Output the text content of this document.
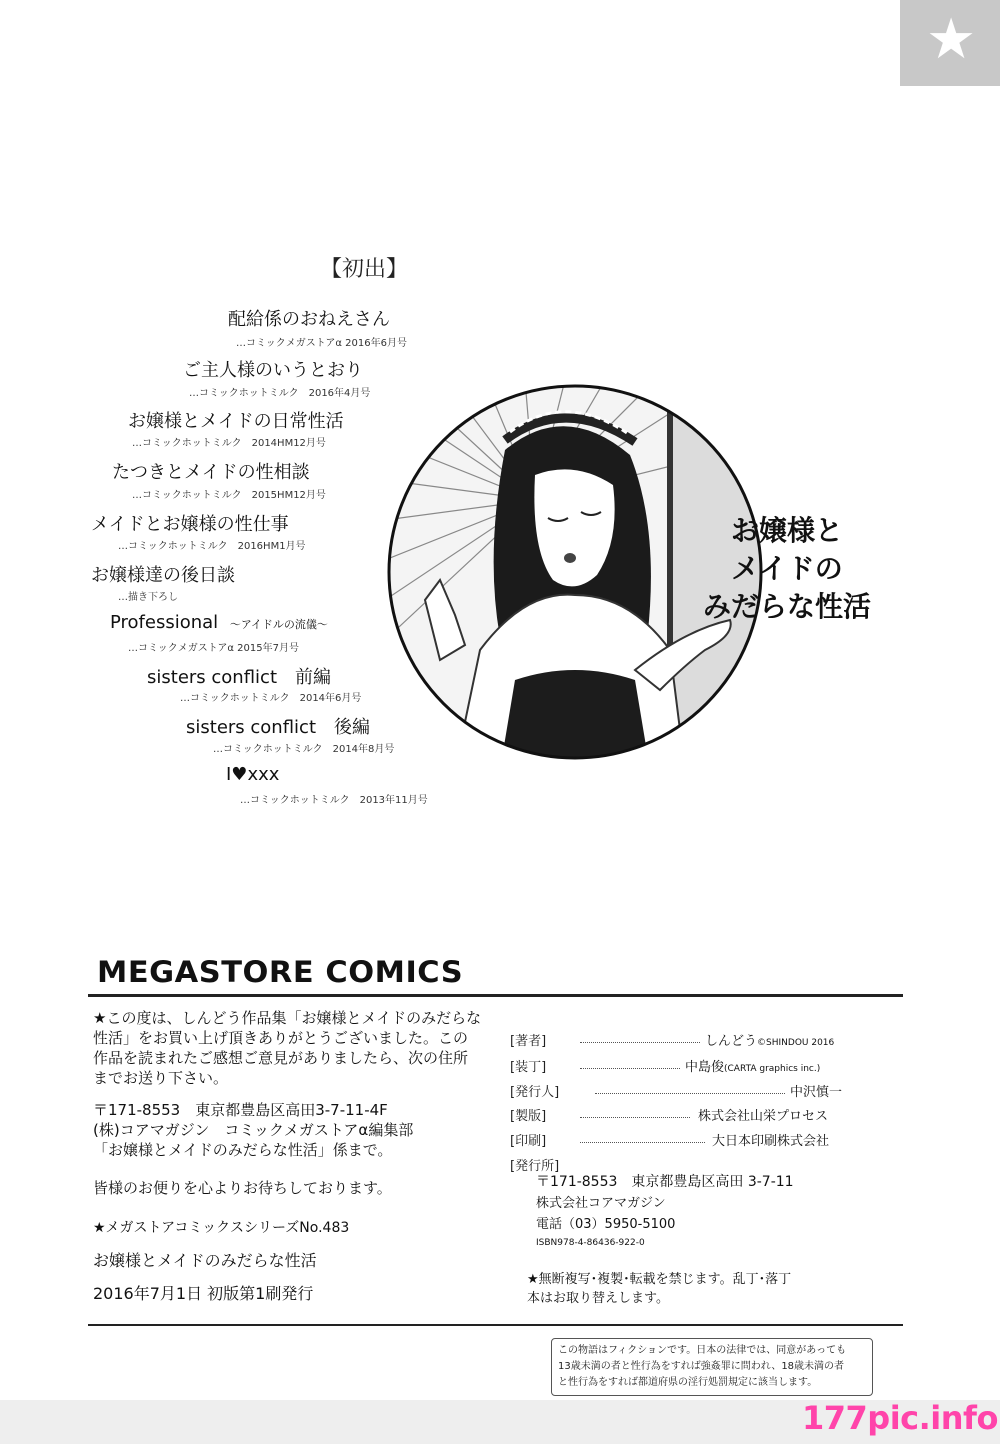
★
【初出】
配給係のおねえさん
…コミックメガストアα 2016年6月号
ご主人様のいうとおり
…コミックホットミルク　2016年4月号
お嬢様とメイドの日常性活
…コミックホットミルク　2014HM12月号
たつきとメイドの性相談
…コミックホットミルク　2015HM12月号
メイドとお嬢様の性仕事
…コミックホットミルク　2016HM1月号
お嬢様達の後日談
…描き下ろし
Professional 〜アイドルの流儀〜
…コミックメガストアα 2015年7月号
sisters conflict　前編
…コミックホットミルク　2014年6月号
sisters conflict　後編
…コミックホットミルク　2014年8月号
I♥xxx
…コミックホットミルク　2013年11月号
お嬢様と
メイドの
みだらな性活
MEGASTORE COMICS
★この度は、しんどう作品集「お嬢様とメイドのみだらな
性活」をお買い上げ頂きありがとうございました。この
作品を読まれたご感想ご意見がありましたら、次の住所
までお送り下さい。
〒171-8553　東京都豊島区高田3-7-11-4F
(株)コアマガジン　コミックメガストアα編集部
「お嬢様とメイドのみだらな性活」係まで。
皆様のお便りを心よりお待ちしております。
★メガストアコミックスシリーズNo.483
お嬢様とメイドのみだらな性活
2016年7月1日 初版第1刷発行
[著者]	しんどう©SHINDOU 2016
[装丁]	中島俊(CARTA graphics inc.)
[発行人]	中沢慎一
[製版]	株式会社山栄プロセス
[印刷]	大日本印刷株式会社
[発行所]
〒171-8553　東京都豊島区高田 3-7-11
株式会社コアマガジン
電話（03）5950-5100
ISBN978-4-86436-922-0
★無断複写･複製･転載を禁じます。乱丁･落丁
本はお取り替えします。
この物語はフィクションです。日本の法律では、同意があっても
13歳未満の者と性行為をすれば強姦罪に問われ、18歳未満の者
と性行為をすれば都道府県の淫行処罰規定に該当します。
177pic.info
